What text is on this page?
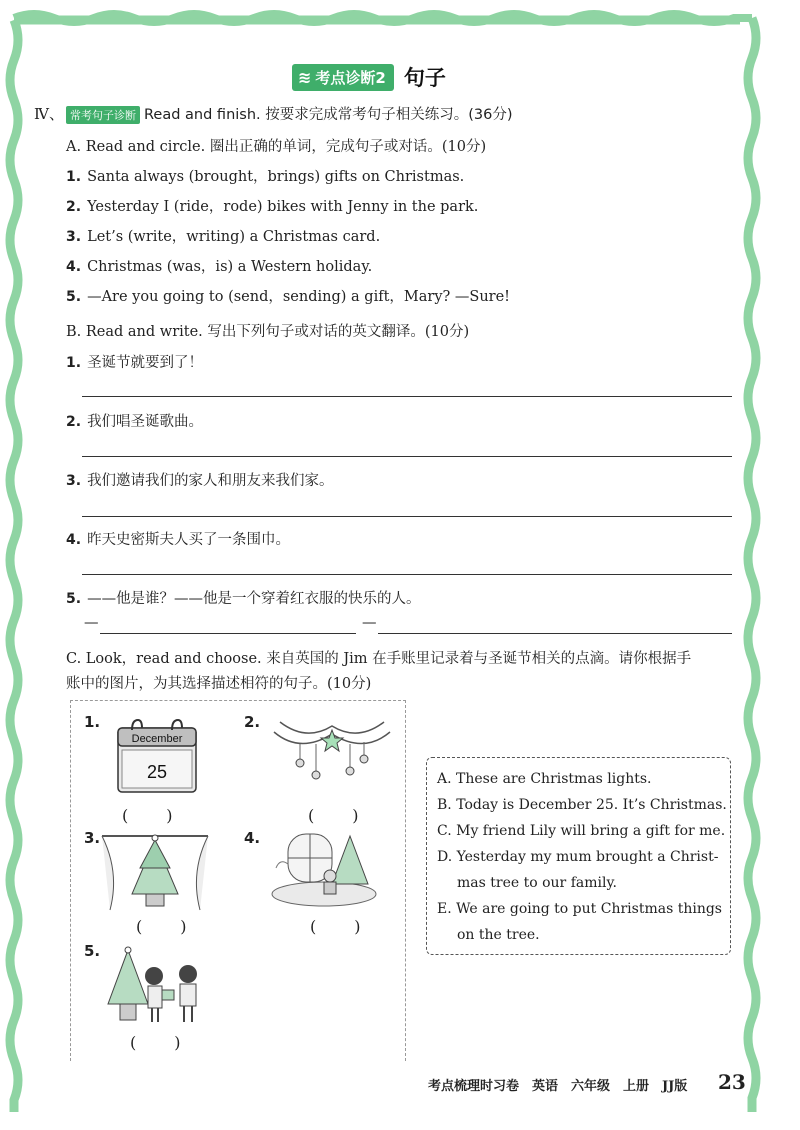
≋ 考点诊断2 句子
Ⅳ、 常考句子诊断 Read and finish. 按要求完成常考句子相关练习。(36分)
A. Read and circle. 圈出正确的单词，完成句子或对话。(10分)
1. Santa always (brought，brings) gifts on Christmas.
2. Yesterday I (ride，rode) bikes with Jenny in the park.
3. Let’s (write，writing) a Christmas card.
4. Christmas (was，is) a Western holiday.
5. —Are you going to (send，sending) a gift，Mary? —Sure!
B. Read and write. 写出下列句子或对话的英文翻译。(10分)
1. 圣诞节就要到了！
2. 我们唱圣诞歌曲。
3. 我们邀请我们的家人和朋友来我们家。
4. 昨天史密斯夫人买了一条围巾。
5. ——他是谁？——他是一个穿着红衣服的快乐的人。
—	—
C. Look，read and choose. 来自英国的 Jim 在手账里记录着与圣诞节相关的点滴。请你根据手
账中的图片，为其选择描述相符的句子。(10分)
1.
December
25
(　　)
2.
(　　)
3.
(　　)
4.
(　　)
5.
(　　)
A. These are Christmas lights.
B. Today is December 25. It’s Christmas.
C. My friend Lily will bring a gift for me.
D. Yesterday my mum brought a Christ-
mas tree to our family.
E. We are going to put Christmas things
on the tree.
考点梳理时习卷　英语　六年级　上册　JJ版 23
